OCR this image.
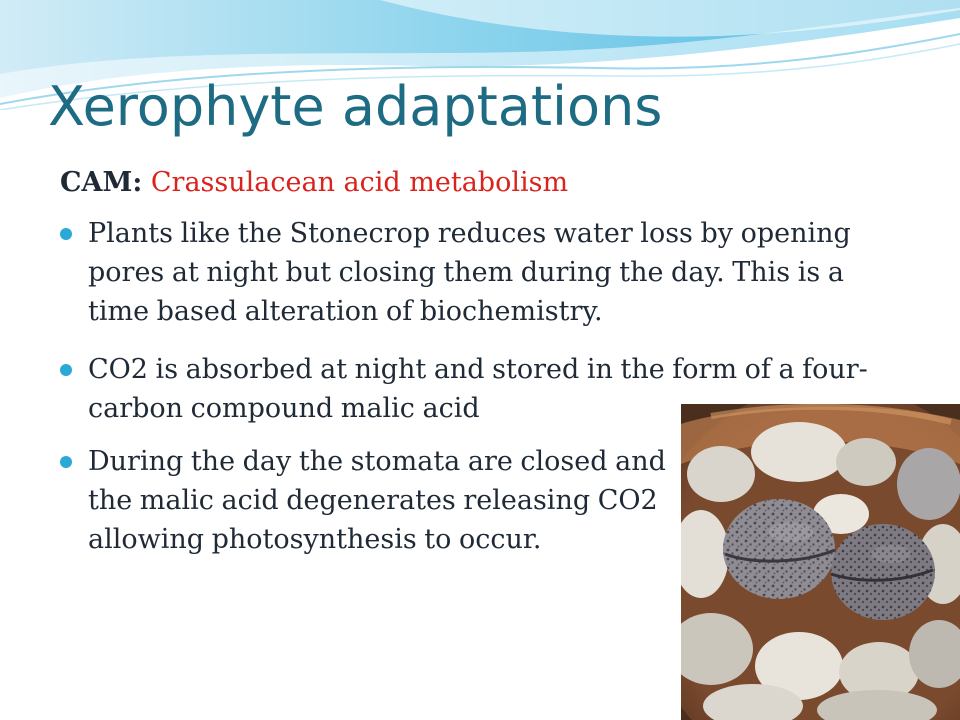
Xerophyte adaptations
CAM: Crassulacean acid metabolism
Plants like the Stonecrop reduces water loss by opening pores at night but closing them during the day. This is a time based alteration of biochemistry.
CO2 is absorbed at night and stored in the form of a four-carbon compound malic acid
During the day the stomata are closed and the malic acid degenerates releasing CO2 allowing photosynthesis to occur.
